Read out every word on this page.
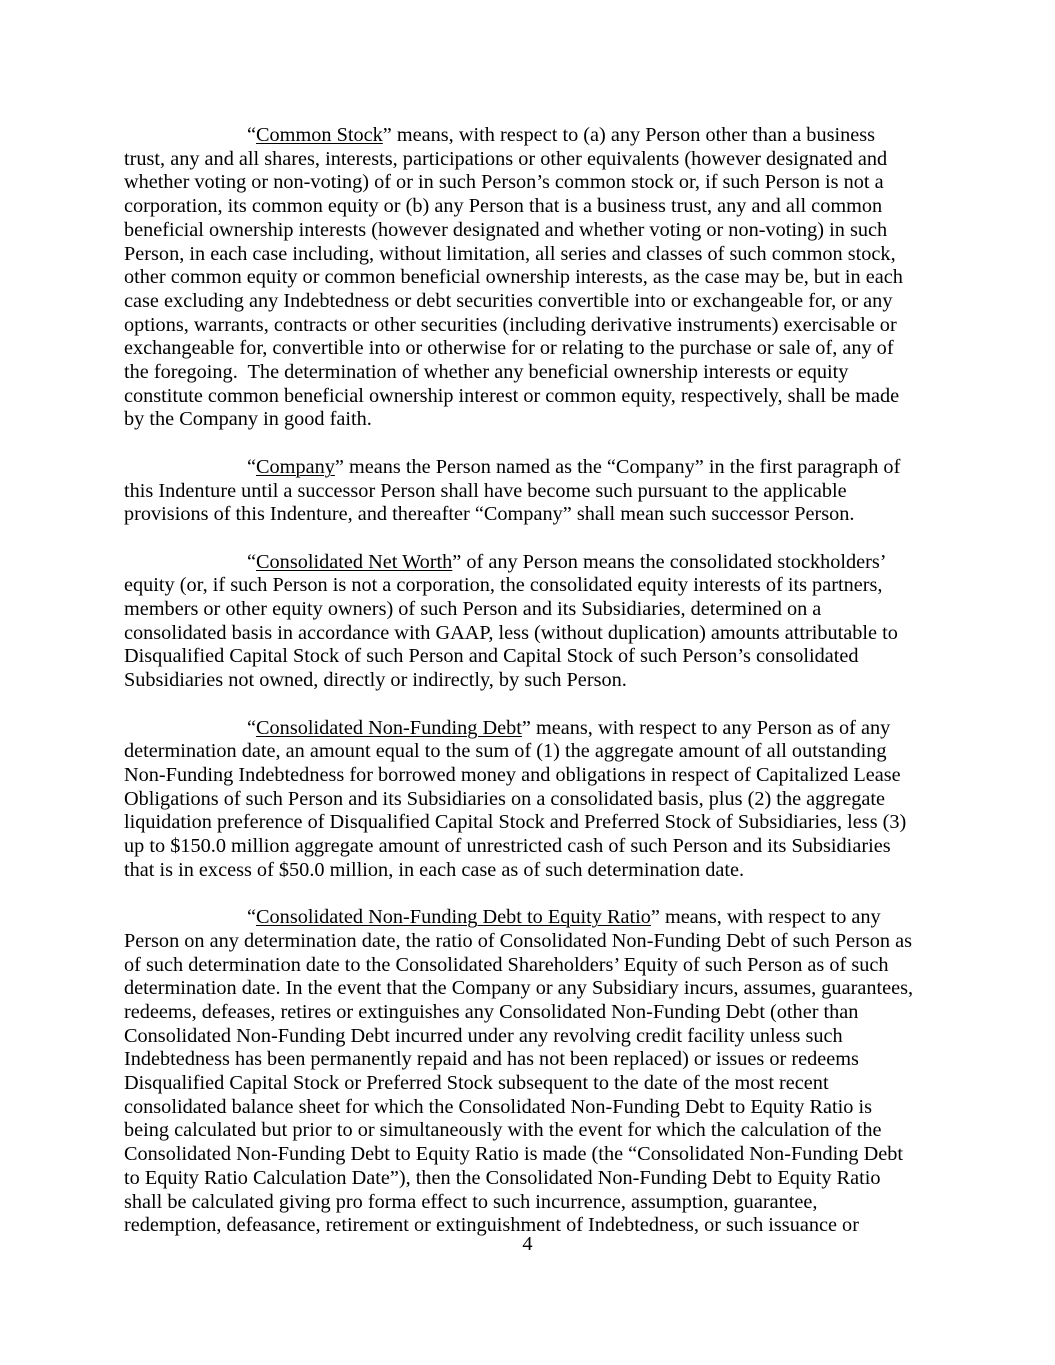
“Common Stock” means, with respect to (a) any Person other than a business
trust, any and all shares, interests, participations or other equivalents (however designated and
whether voting or non-voting) of or in such Person’s common stock or, if such Person is not a
corporation, its common equity or (b) any Person that is a business trust, any and all common
beneficial ownership interests (however designated and whether voting or non-voting) in such
Person, in each case including, without limitation, all series and classes of such common stock,
other common equity or common beneficial ownership interests, as the case may be, but in each
case excluding any Indebtedness or debt securities convertible into or exchangeable for, or any
options, warrants, contracts or other securities (including derivative instruments) exercisable or
exchangeable for, convertible into or otherwise for or relating to the purchase or sale of, any of
the foregoing.  The determination of whether any beneficial ownership interests or equity
constitute common beneficial ownership interest or common equity, respectively, shall be made
by the Company in good faith.
“Company” means the Person named as the “Company” in the first paragraph of
this Indenture until a successor Person shall have become such pursuant to the applicable
provisions of this Indenture, and thereafter “Company” shall mean such successor Person.
“Consolidated Net Worth” of any Person means the consolidated stockholders’
equity (or, if such Person is not a corporation, the consolidated equity interests of its partners,
members or other equity owners) of such Person and its Subsidiaries, determined on a
consolidated basis in accordance with GAAP, less (without duplication) amounts attributable to
Disqualified Capital Stock of such Person and Capital Stock of such Person’s consolidated
Subsidiaries not owned, directly or indirectly, by such Person.
“Consolidated Non-Funding Debt” means, with respect to any Person as of any
determination date, an amount equal to the sum of (1) the aggregate amount of all outstanding
Non-Funding Indebtedness for borrowed money and obligations in respect of Capitalized Lease
Obligations of such Person and its Subsidiaries on a consolidated basis, plus (2) the aggregate
liquidation preference of Disqualified Capital Stock and Preferred Stock of Subsidiaries, less (3)
up to $150.0 million aggregate amount of unrestricted cash of such Person and its Subsidiaries
that is in excess of $50.0 million, in each case as of such determination date.
“Consolidated Non-Funding Debt to Equity Ratio” means, with respect to any
Person on any determination date, the ratio of Consolidated Non-Funding Debt of such Person as
of such determination date to the Consolidated Shareholders’ Equity of such Person as of such
determination date. In the event that the Company or any Subsidiary incurs, assumes, guarantees,
redeems, defeases, retires or extinguishes any Consolidated Non-Funding Debt (other than
Consolidated Non-Funding Debt incurred under any revolving credit facility unless such
Indebtedness has been permanently repaid and has not been replaced) or issues or redeems
Disqualified Capital Stock or Preferred Stock subsequent to the date of the most recent
consolidated balance sheet for which the Consolidated Non-Funding Debt to Equity Ratio is
being calculated but prior to or simultaneously with the event for which the calculation of the
Consolidated Non-Funding Debt to Equity Ratio is made (the “Consolidated Non-Funding Debt
to Equity Ratio Calculation Date”), then the Consolidated Non-Funding Debt to Equity Ratio
shall be calculated giving pro forma effect to such incurrence, assumption, guarantee,
redemption, defeasance, retirement or extinguishment of Indebtedness, or such issuance or
4
